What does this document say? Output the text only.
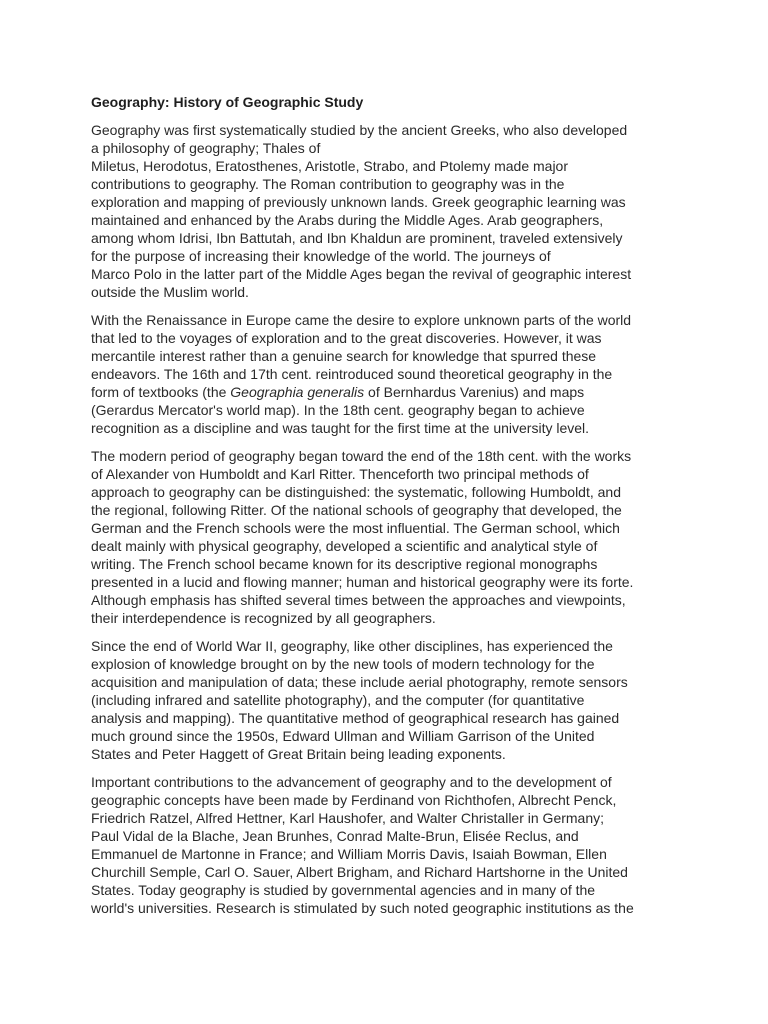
Geography: History of Geographic Study
Geography was first systematically studied by the ancient Greeks, who also developed
a philosophy of geography; Thales of
Miletus, Herodotus, Eratosthenes, Aristotle, Strabo, and Ptolemy made major
contributions to geography. The Roman contribution to geography was in the
exploration and mapping of previously unknown lands. Greek geographic learning was
maintained and enhanced by the Arabs during the Middle Ages. Arab geographers,
among whom Idrisi, Ibn Battutah, and Ibn Khaldun are prominent, traveled extensively
for the purpose of increasing their knowledge of the world. The journeys of
Marco Polo in the latter part of the Middle Ages began the revival of geographic interest
outside the Muslim world.
With the Renaissance in Europe came the desire to explore unknown parts of the world
that led to the voyages of exploration and to the great discoveries. However, it was
mercantile interest rather than a genuine search for knowledge that spurred these
endeavors. The 16th and 17th cent. reintroduced sound theoretical geography in the
form of textbooks (the Geographia generalis of Bernhardus Varenius) and maps
(Gerardus Mercator's world map). In the 18th cent. geography began to achieve
recognition as a discipline and was taught for the first time at the university level.
The modern period of geography began toward the end of the 18th cent. with the works
of Alexander von Humboldt and Karl Ritter. Thenceforth two principal methods of
approach to geography can be distinguished: the systematic, following Humboldt, and
the regional, following Ritter. Of the national schools of geography that developed, the
German and the French schools were the most influential. The German school, which
dealt mainly with physical geography, developed a scientific and analytical style of
writing. The French school became known for its descriptive regional monographs
presented in a lucid and flowing manner; human and historical geography were its forte.
Although emphasis has shifted several times between the approaches and viewpoints,
their interdependence is recognized by all geographers.
Since the end of World War II, geography, like other disciplines, has experienced the
explosion of knowledge brought on by the new tools of modern technology for the
acquisition and manipulation of data; these include aerial photography, remote sensors
(including infrared and satellite photography), and the computer (for quantitative
analysis and mapping). The quantitative method of geographical research has gained
much ground since the 1950s, Edward Ullman and William Garrison of the United
States and Peter Haggett of Great Britain being leading exponents.
Important contributions to the advancement of geography and to the development of
geographic concepts have been made by Ferdinand von Richthofen, Albrecht Penck,
Friedrich Ratzel, Alfred Hettner, Karl Haushofer, and Walter Christaller in Germany;
Paul Vidal de la Blache, Jean Brunhes, Conrad Malte-Brun, Elisée Reclus, and
Emmanuel de Martonne in France; and William Morris Davis, Isaiah Bowman, Ellen
Churchill Semple, Carl O. Sauer, Albert Brigham, and Richard Hartshorne in the United
States. Today geography is studied by governmental agencies and in many of the
world's universities. Research is stimulated by such noted geographic institutions as the
